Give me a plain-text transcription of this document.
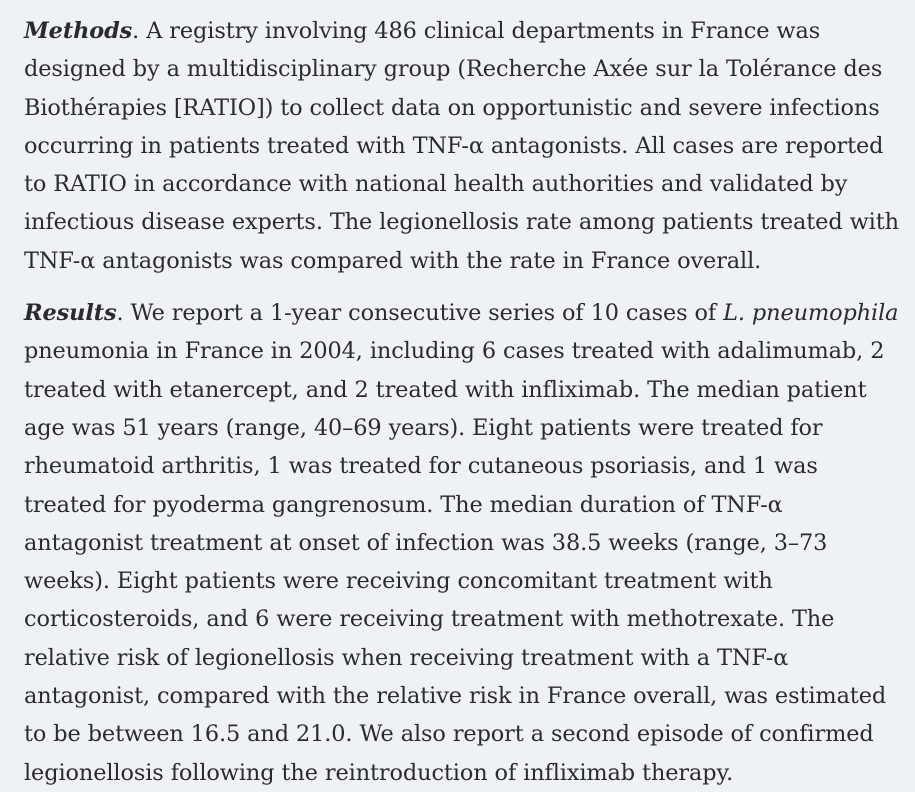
Methods. A registry involving 486 clinical departments in France was designed by a multidisciplinary group (Recherche Axée sur la Tolérance des Biothérapies [RATIO]) to collect data on opportunistic and severe infections occurring in patients treated with TNF-α antagonists. All cases are reported to RATIO in accordance with national health authorities and validated by infectious disease experts. The legionellosis rate among patients treated with TNF-α antagonists was compared with the rate in France overall.

Results. We report a 1-year consecutive series of 10 cases of L. pneumophila pneumonia in France in 2004, including 6 cases treated with adalimumab, 2 treated with etanercept, and 2 treated with infliximab. The median patient age was 51 years (range, 40–69 years). Eight patients were treated for rheumatoid arthritis, 1 was treated for cutaneous psoriasis, and 1 was treated for pyoderma gangrenosum. The median duration of TNF-α antagonist treatment at onset of infection was 38.5 weeks (range, 3–73 weeks). Eight patients were receiving concomitant treatment with corticosteroids, and 6 were receiving treatment with methotrexate. The relative risk of legionellosis when receiving treatment with a TNF-α antagonist, compared with the relative risk in France overall, was estimated to be between 16.5 and 21.0. We also report a second episode of confirmed legionellosis following the reintroduction of infliximab therapy.
